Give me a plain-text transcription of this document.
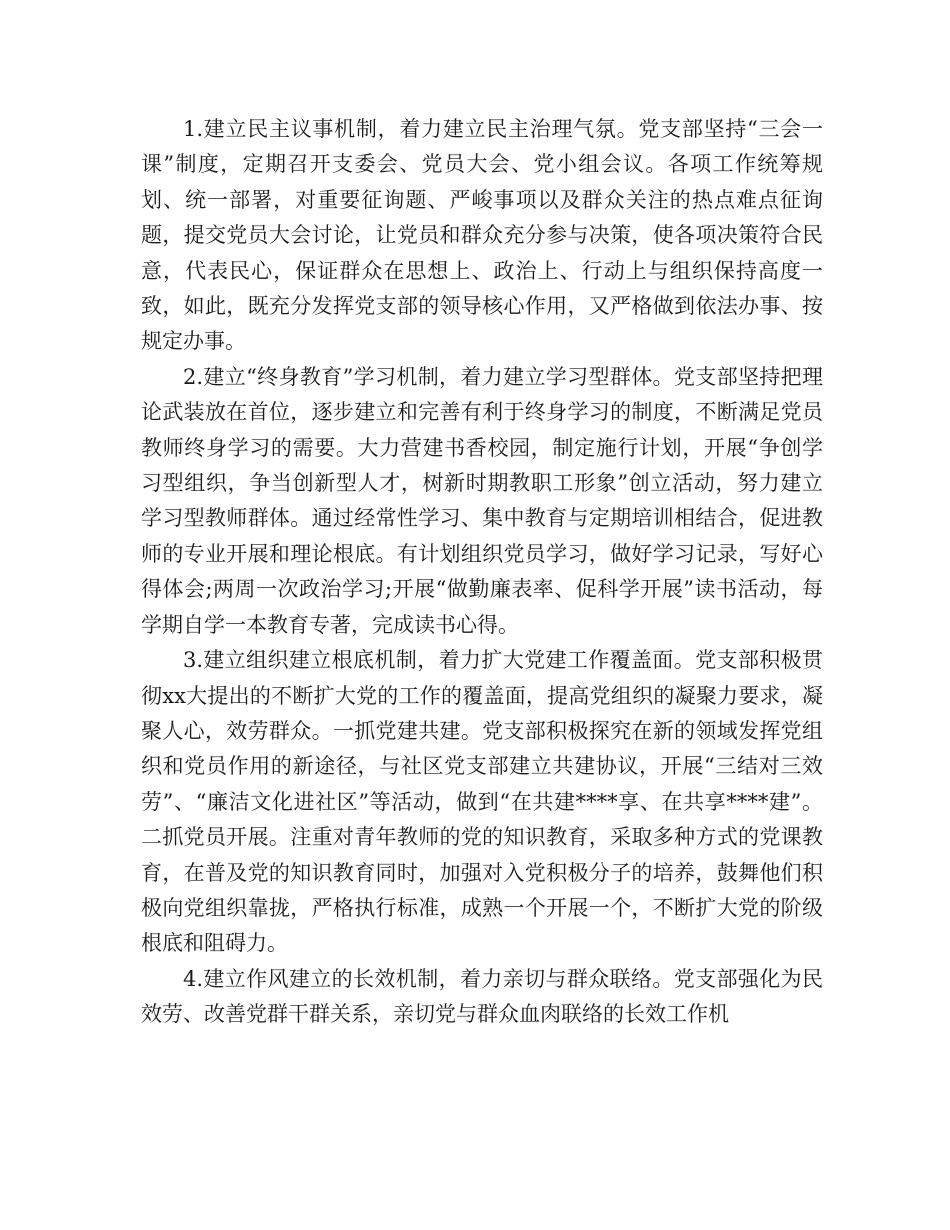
1.建立民主议事机制，着力建立民主治理气氛。党支部坚持“三会一课”制度，定期召开支委会、党员大会、党小组会议。各项工作统筹规划、统一部署，对重要征询题、严峻事项以及群众关注的热点难点征询题，提交党员大会讨论，让党员和群众充分参与决策，使各项决策符合民意，代表民心，保证群众在思想上、政治上、行动上与组织保持高度一致，如此，既充分发挥党支部的领导核心作用，又严格做到依法办事、按规定办事。

2.建立“终身教育”学习机制，着力建立学习型群体。党支部坚持把理论武装放在首位，逐步建立和完善有利于终身学习的制度，不断满足党员教师终身学习的需要。大力营建书香校园，制定施行计划，开展“争创学习型组织，争当创新型人才，树新时期教职工形象”创立活动，努力建立学习型教师群体。通过经常性学习、集中教育与定期培训相结合，促进教师的专业开展和理论根底。有计划组织党员学习，做好学习记录，写好心得体会;两周一次政治学习;开展“做勤廉表率、促科学开展”读书活动，每学期自学一本教育专著，完成读书心得。

3.建立组织建立根底机制，着力扩大党建工作覆盖面。党支部积极贯彻xx大提出的不断扩大党的工作的覆盖面，提高党组织的凝聚力要求，凝聚人心，效劳群众。一抓党建共建。党支部积极探究在新的领域发挥党组织和党员作用的新途径，与社区党支部建立共建协议，开展“三结对三效劳”、“廉洁文化进社区”等活动，做到“在共建****享、在共享****建”。二抓党员开展。注重对青年教师的党的知识教育，采取多种方式的党课教育，在普及党的知识教育同时，加强对入党积极分子的培养，鼓舞他们积极向党组织靠拢，严格执行标准，成熟一个开展一个，不断扩大党的阶级根底和阻碍力。

4.建立作风建立的长效机制，着力亲切与群众联络。党支部强化为民效劳、改善党群干群关系，亲切党与群众血肉联络的长效工作机
